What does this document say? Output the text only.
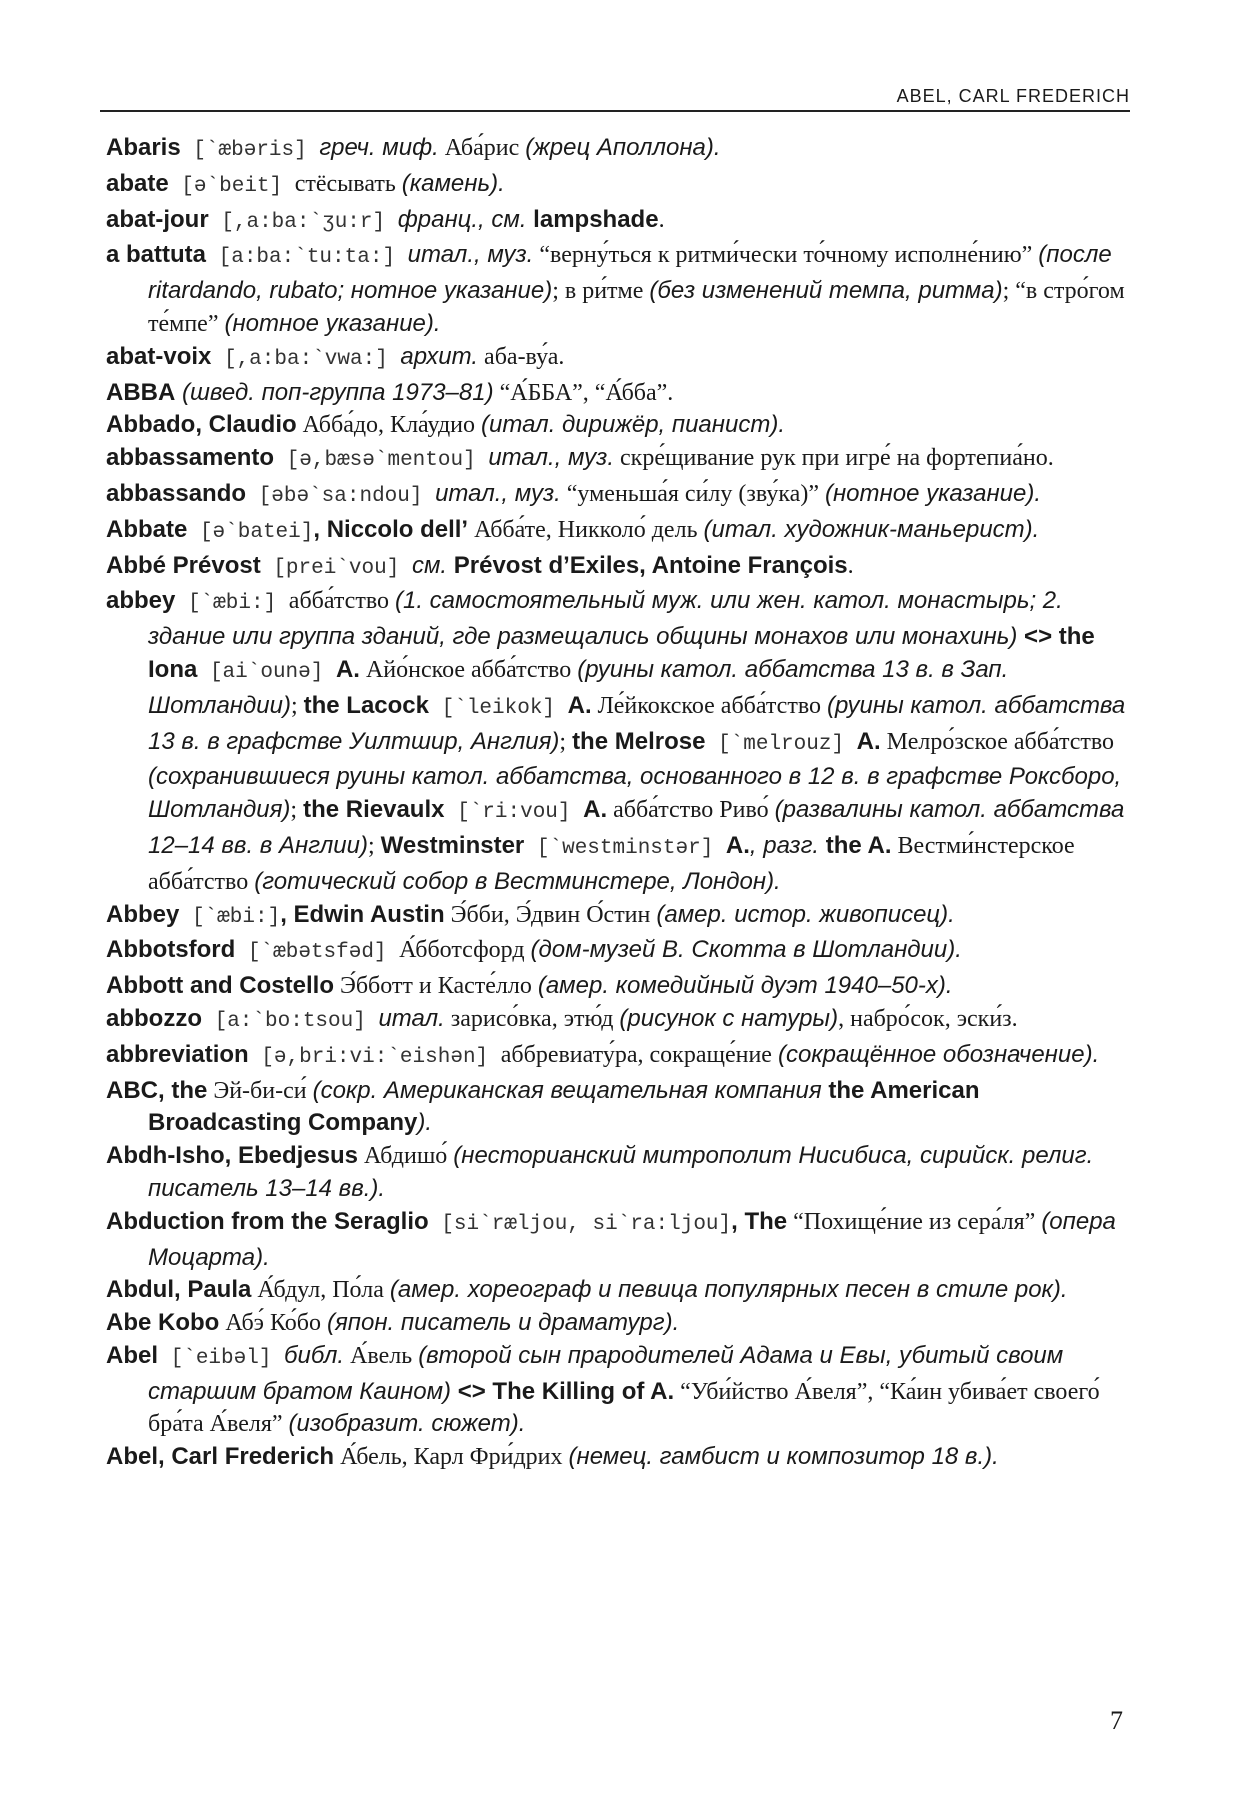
ABEL, CARL FREDERICH

Abaris [`æbəris] греч. миф. Аба́рис (жрец Аполлона).

abate [ə`beit] стёсывать (камень).

abat-jour [,a:ba:`ʒu:r] франц., см. lampshade.

a battuta [a:ba:`tu:ta:] итал., муз. “верну́ться к ритми́чески то́чному исполне́нию” (после ritardando, rubato; нотное указание); в ри́тме (без изменений темпа, ритма); “в стро́гом те́мпе” (нотное указание).

abat-voix [,a:ba:`vwa:] архит. аба-ву́а.

ABBA (швед. поп-группа 1973–81) “А́ББА”, “А́бба”.

Abbado, Claudio Абба́до, Кла́удио (итал. дирижёр, пианист).

abbassamento [ə,bæsə`mentou] итал., муз. скре́щивание рук при игре́ на фортепиа́но.

abbassando [əbə`sa:ndou] итал., муз. “уменьша́я си́лу (зву́ка)” (нотное указание).

Abbate [ə`batei], Niccolo dell’ Абба́те, Никколо́ дель (итал. художник-маньерист).

Abbé Prévost [prei`vou] см. Prévost d’Exiles, Antoine François.

abbey [`æbi:] абба́тство (1. самостоятельный муж. или жен. катол. монастырь; 2. здание или группа зданий, где размещались общины монахов или монахинь) <> the Iona [ai`ounə] A. Айо́нское абба́тство (руины катол. аббатства 13 в. в Зап. Шотландии); the Lacock [`leikok] A. Ле́йкокское абба́тство (руины катол. аббатства 13 в. в графстве Уилтшир, Англия); the Melrose [`melrouz] A. Мелро́зское абба́тство (сохранившиеся руины катол. аббатства, основанного в 12 в. в графстве Роксборо, Шотландия); the Rievaulx [`ri:vou] A. абба́тство Риво́ (развалины катол. аббатства 12–14 вв. в Англии); Westminster [`westminstər] A., разг. the A. Вестми́нстерское абба́тство (готический собор в Вестминстере, Лондон).

Abbey [`æbi:], Edwin Austin Э́бби, Э́двин О́стин (амер. истор. живописец).

Abbotsford [`æbətsfəd] А́бботсфорд (дом-музей В. Скотта в Шотландии).

Abbott and Costello Э́бботт и Касте́лло (амер. комедийный дуэт 1940–50-х).

abbozzo [a:`bo:tsou] итал. зарисо́вка, этю́д (рисунок с натуры), набро́сок, эски́з.

abbreviation [ə,bri:vi:`eishən] аббревиату́ра, сокраще́ние (сокращённое обозначение).

ABC, the Эй-би-си́ (сокр. Американская вещательная компания the American Broadcasting Company).

Abdh-Isho, Ebedjesus Абдишо́ (несторианский митрополит Нисибиса, сирийск. религ. писатель 13–14 вв.).

Abduction from the Seraglio [si`ræljou, si`ra:ljou], The “Похище́ние из сера́ля” (опера Моцарта).

Abdul, Paula А́бдул, По́ла (амер. хореограф и певица популярных песен в стиле рок).

Abe Kobo Абэ́ Ко́бо (япон. писатель и драматург).

Abel [`eibəl] библ. А́вель (второй сын прародителей Адама и Евы, убитый своим старшим братом Каином) <> The Killing of A. “Уби́йство А́веля”, “Ка́ин убива́ет своего́ бра́та А́веля” (изобразит. сюжет).

Abel, Carl Frederich А́бель, Карл Фри́дрих (немец. гамбист и композитор 18 в.).

7
